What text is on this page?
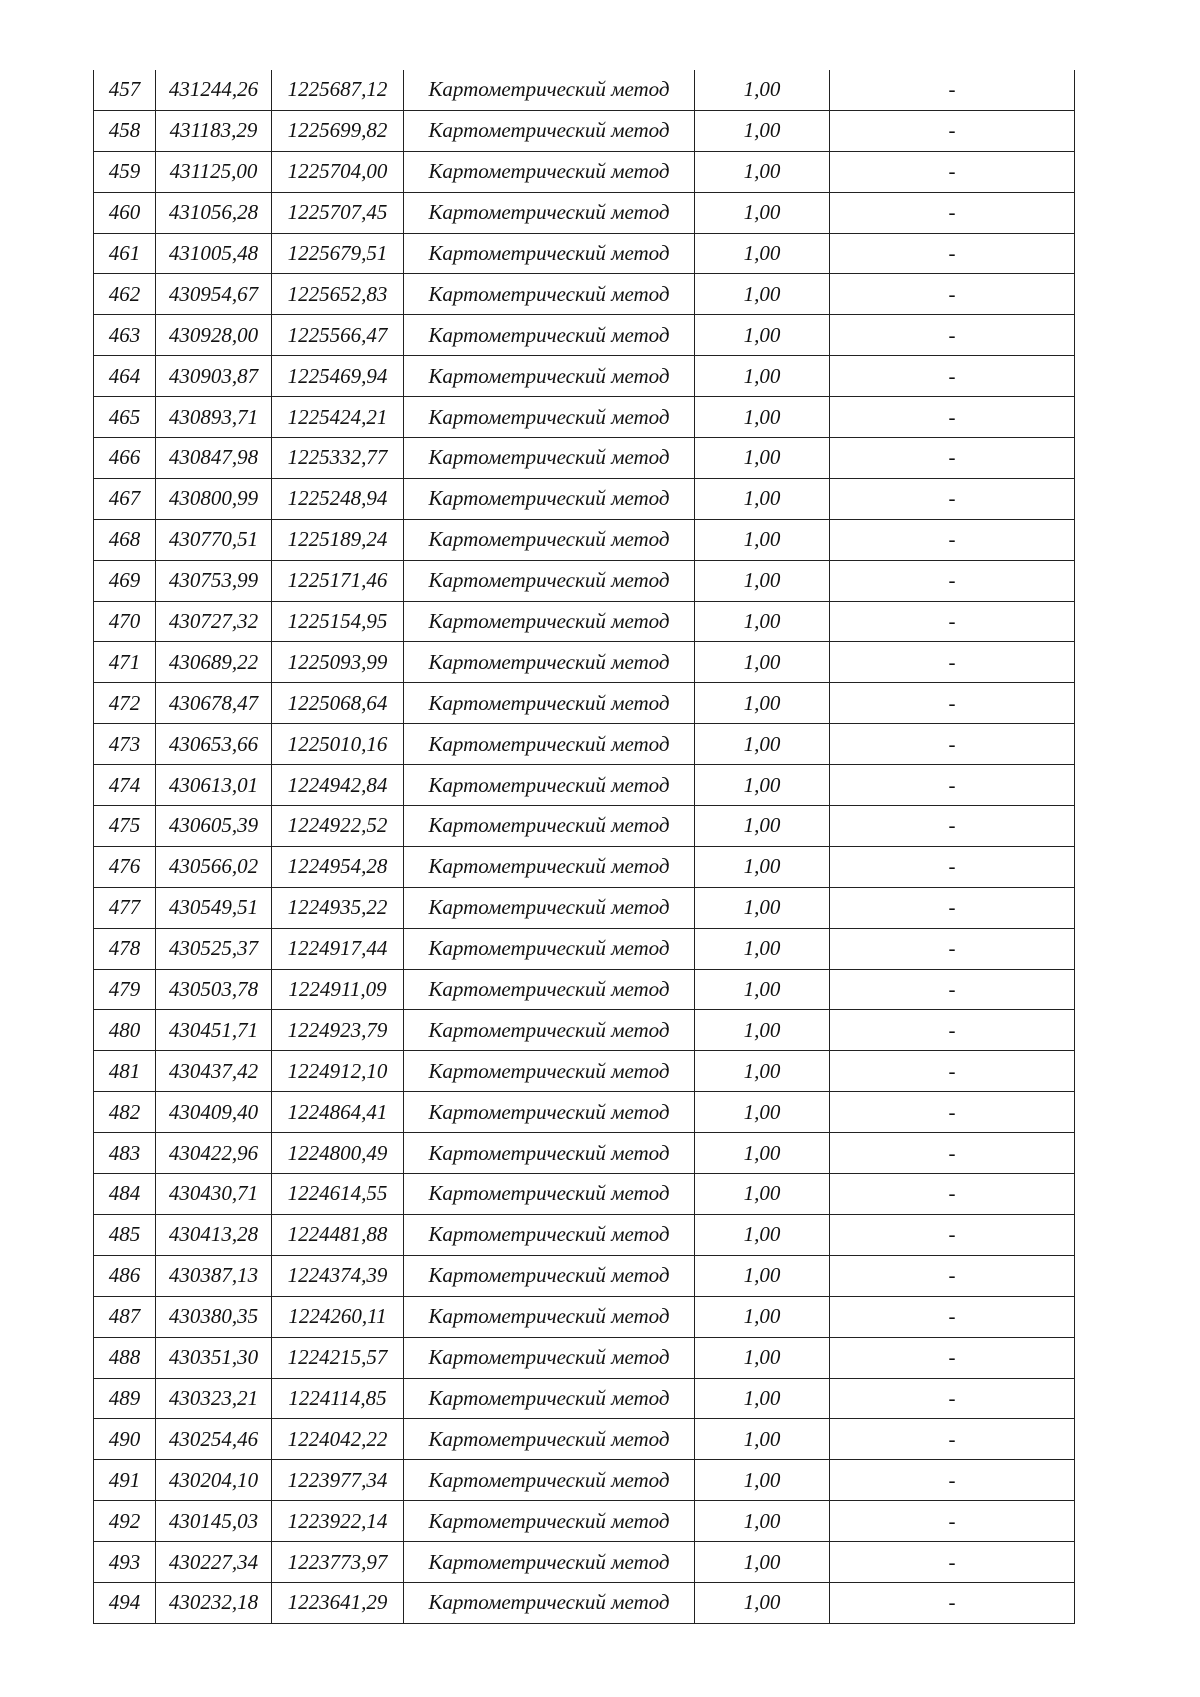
457	431244,26	1225687,12	Картометрический метод	1,00	-
458	431183,29	1225699,82	Картометрический метод	1,00	-
459	431125,00	1225704,00	Картометрический метод	1,00	-
460	431056,28	1225707,45	Картометрический метод	1,00	-
461	431005,48	1225679,51	Картометрический метод	1,00	-
462	430954,67	1225652,83	Картометрический метод	1,00	-
463	430928,00	1225566,47	Картометрический метод	1,00	-
464	430903,87	1225469,94	Картометрический метод	1,00	-
465	430893,71	1225424,21	Картометрический метод	1,00	-
466	430847,98	1225332,77	Картометрический метод	1,00	-
467	430800,99	1225248,94	Картометрический метод	1,00	-
468	430770,51	1225189,24	Картометрический метод	1,00	-
469	430753,99	1225171,46	Картометрический метод	1,00	-
470	430727,32	1225154,95	Картометрический метод	1,00	-
471	430689,22	1225093,99	Картометрический метод	1,00	-
472	430678,47	1225068,64	Картометрический метод	1,00	-
473	430653,66	1225010,16	Картометрический метод	1,00	-
474	430613,01	1224942,84	Картометрический метод	1,00	-
475	430605,39	1224922,52	Картометрический метод	1,00	-
476	430566,02	1224954,28	Картометрический метод	1,00	-
477	430549,51	1224935,22	Картометрический метод	1,00	-
478	430525,37	1224917,44	Картометрический метод	1,00	-
479	430503,78	1224911,09	Картометрический метод	1,00	-
480	430451,71	1224923,79	Картометрический метод	1,00	-
481	430437,42	1224912,10	Картометрический метод	1,00	-
482	430409,40	1224864,41	Картометрический метод	1,00	-
483	430422,96	1224800,49	Картометрический метод	1,00	-
484	430430,71	1224614,55	Картометрический метод	1,00	-
485	430413,28	1224481,88	Картометрический метод	1,00	-
486	430387,13	1224374,39	Картометрический метод	1,00	-
487	430380,35	1224260,11	Картометрический метод	1,00	-
488	430351,30	1224215,57	Картометрический метод	1,00	-
489	430323,21	1224114,85	Картометрический метод	1,00	-
490	430254,46	1224042,22	Картометрический метод	1,00	-
491	430204,10	1223977,34	Картометрический метод	1,00	-
492	430145,03	1223922,14	Картометрический метод	1,00	-
493	430227,34	1223773,97	Картометрический метод	1,00	-
494	430232,18	1223641,29	Картометрический метод	1,00	-
